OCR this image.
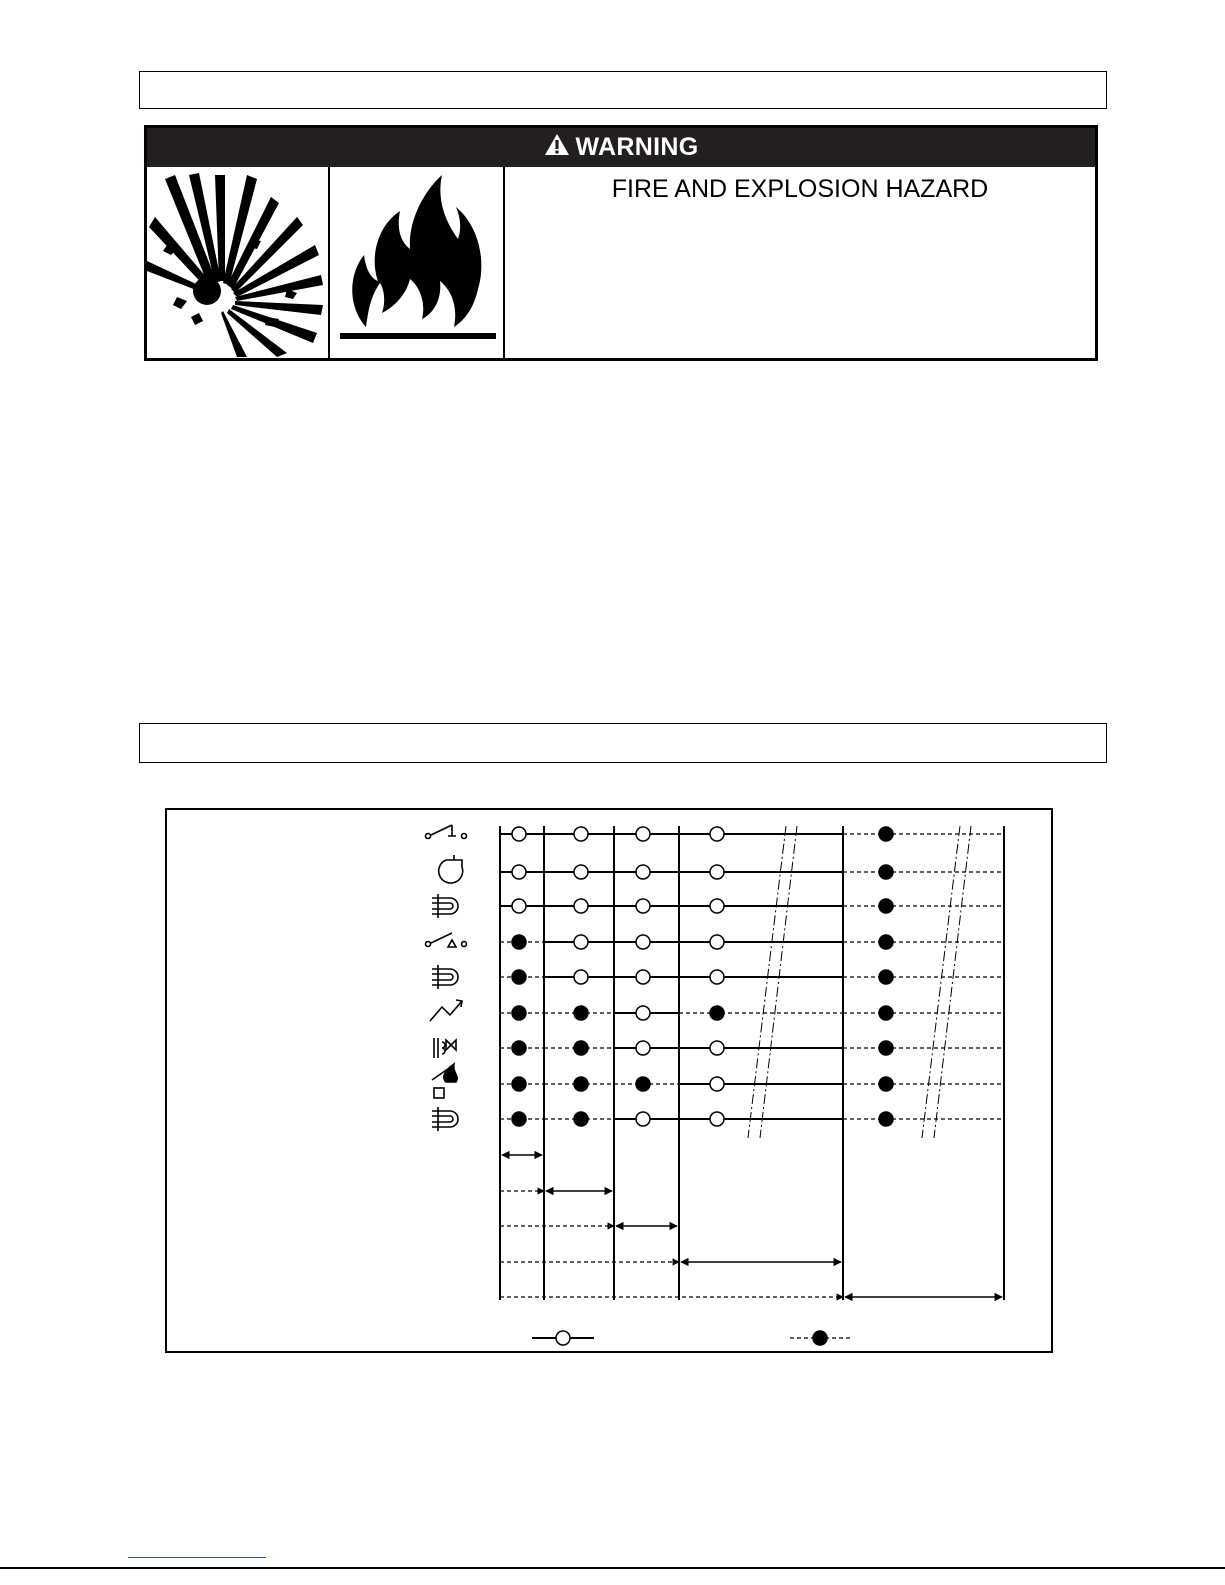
WARNING
FIRE AND EXPLOSION HAZARD
